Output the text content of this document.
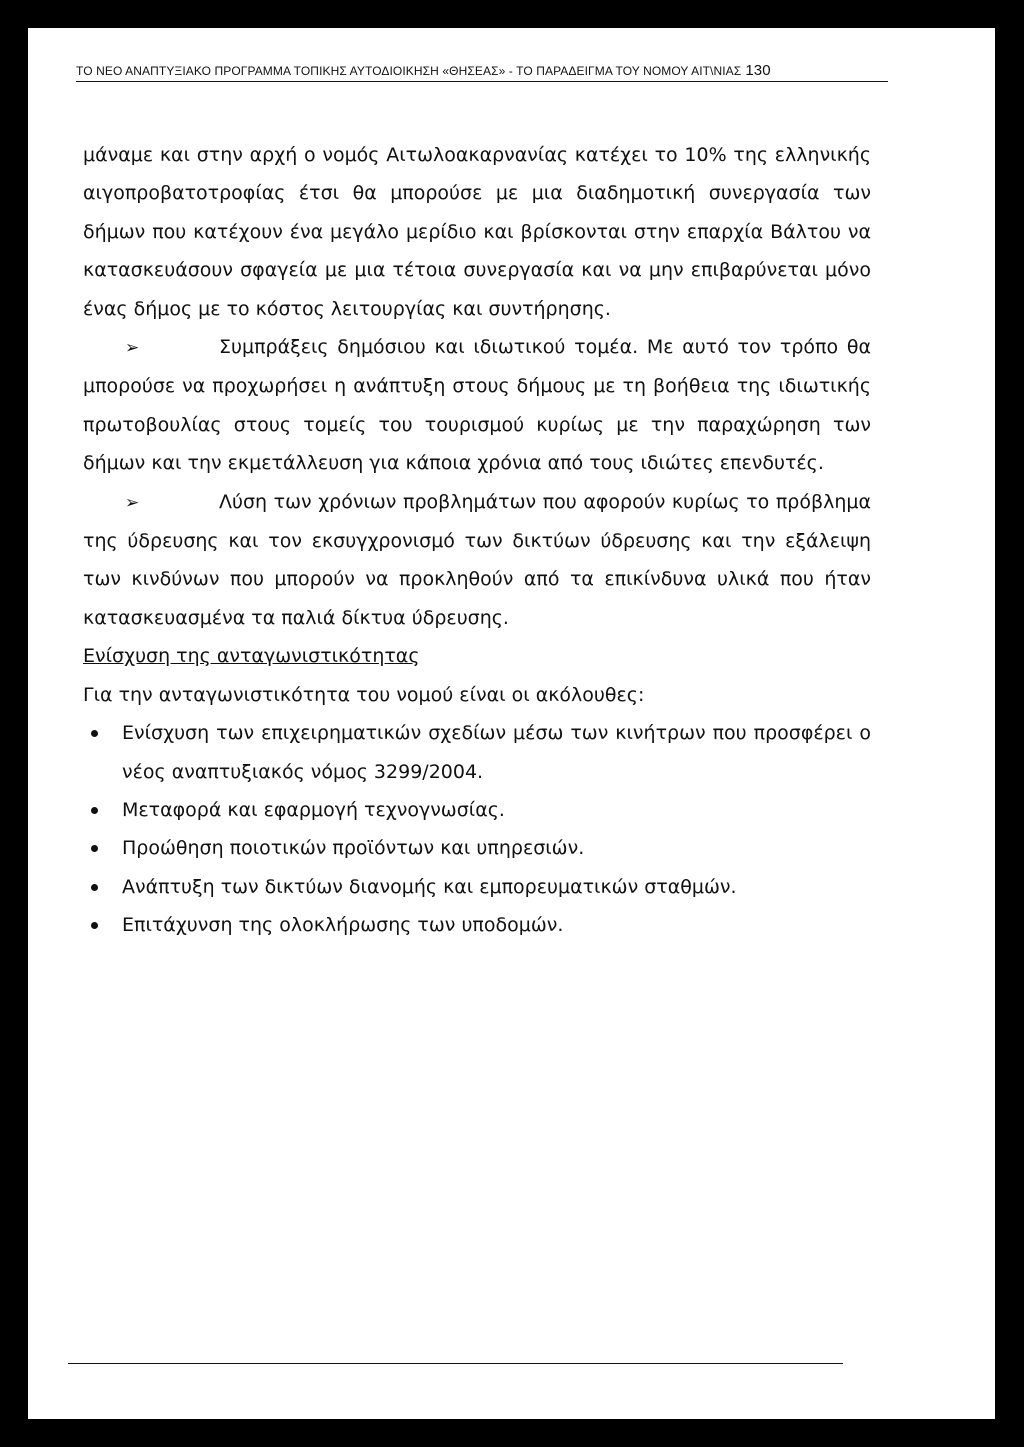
ΤΟ ΝΕΟ ΑΝΑΠΤΥΞΙΑΚΟ ΠΡΟΓΡΑΜΜΑ ΤΟΠΙΚΗΣ ΑΥΤΟΔΙΟΙΚΗΣΗ «ΘΗΣΕΑΣ» - ΤΟ ΠΑΡΑΔΕΙΓΜΑ ΤΟΥ ΝΟΜΟΥ ΑΙΤ\ΝΙΑΣ 130

μάναμε και στην αρχή ο νομός Αιτωλοακαρνανίας κατέχει το 10% της ελληνικής αιγοπροβατοτροφίας έτσι θα μπορούσε με μια διαδημοτική συνεργασία των δήμων που κατέχουν ένα μεγάλο μερίδιο και βρίσκονται στην επαρχία Βάλτου να κατασκευάσουν σφαγεία με μια τέτοια συνεργασία και να μην επιβαρύνεται μόνο ένας δήμος με το κόστος λειτουργίας και συντήρησης.

➢	Συμπράξεις δημόσιου και ιδιωτικού τομέα. Με αυτό τον τρόπο θα μπορούσε να προχωρήσει η ανάπτυξη στους δήμους με τη βοήθεια της ιδιωτικής πρωτοβουλίας στους τομείς του τουρισμού κυρίως με την παραχώρηση των δήμων και την εκμετάλλευση για κάποια χρόνια από τους ιδιώτες επενδυτές.

➢	Λύση των χρόνιων προβλημάτων που αφορούν κυρίως το πρόβλημα της ύδρευσης και τον εκσυγχρονισμό των δικτύων ύδρευσης και την εξάλειψη των κινδύνων που μπορούν να προκληθούν από τα επικίνδυνα υλικά που ήταν κατασκευασμένα τα παλιά δίκτυα ύδρευσης.

Ενίσχυση της ανταγωνιστικότητας

Για την ανταγωνιστικότητα του νομού είναι οι ακόλουθες:

Ενίσχυση των επιχειρηματικών σχεδίων μέσω των κινήτρων που προσφέρει ο νέος αναπτυξιακός νόμος 3299/2004.
Μεταφορά και εφαρμογή τεχνογνωσίας.
Προώθηση ποιοτικών προϊόντων και υπηρεσιών.
Ανάπτυξη των δικτύων διανομής και εμπορευματικών σταθμών.
Επιτάχυνση της ολοκλήρωσης των υποδομών.
